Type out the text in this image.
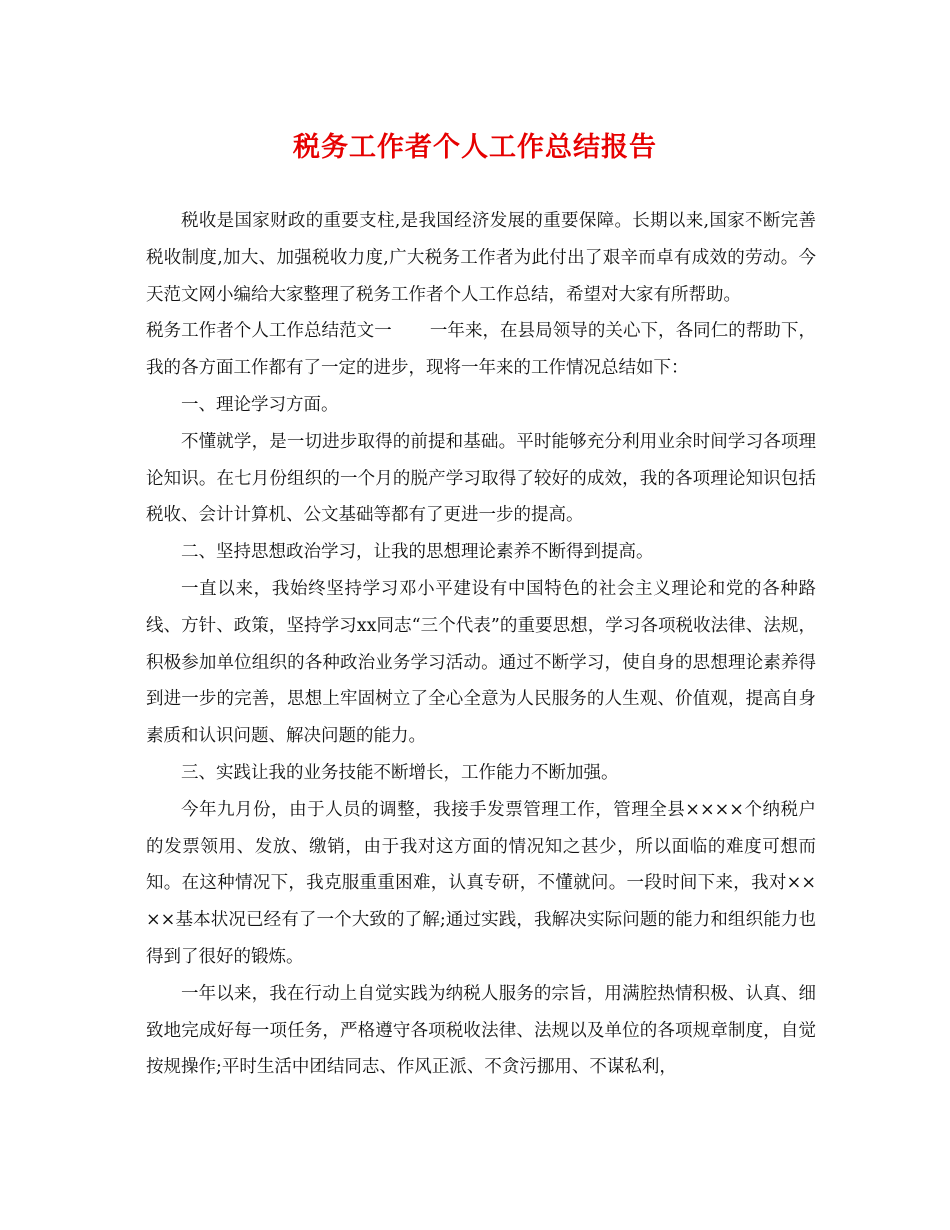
税务工作者个人工作总结报告

税收是国家财政的重要支柱,是我国经济发展的重要保障。长期以来,国家不断完善税收制度,加大、加强税收力度,广大税务工作者为此付出了艰辛而卓有成效的劳动。今天范文网小编给大家整理了税务工作者个人工作总结，希望对大家有所帮助。

税务工作者个人工作总结范文一 一年来，在县局领导的关心下，各同仁的帮助下，我的各方面工作都有了一定的进步，现将一年来的工作情况总结如下：

一、理论学习方面。

不懂就学，是一切进步取得的前提和基础。平时能够充分利用业余时间学习各项理论知识。在七月份组织的一个月的脱产学习取得了较好的成效，我的各项理论知识包括税收、会计计算机、公文基础等都有了更进一步的提高。

二、坚持思想政治学习，让我的思想理论素养不断得到提高。

一直以来，我始终坚持学习邓小平建设有中国特色的社会主义理论和党的各种路线、方针、政策，坚持学习xx同志“三个代表”的重要思想，学习各项税收法律、法规，积极参加单位组织的各种政治业务学习活动。通过不断学习，使自身的思想理论素养得到进一步的完善，思想上牢固树立了全心全意为人民服务的人生观、价值观，提高自身素质和认识问题、解决问题的能力。

三、实践让我的业务技能不断增长，工作能力不断加强。

今年九月份，由于人员的调整，我接手发票管理工作，管理全县××××个纳税户的发票领用、发放、缴销，由于我对这方面的情况知之甚少，所以面临的难度可想而知。在这种情况下，我克服重重困难，认真专研，不懂就问。一段时间下来，我对××××基本状况已经有了一个大致的了解;通过实践，我解决实际问题的能力和组织能力也得到了很好的锻炼。

一年以来，我在行动上自觉实践为纳税人服务的宗旨，用满腔热情积极、认真、细致地完成好每一项任务，严格遵守各项税收法律、法规以及单位的各项规章制度，自觉按规操作;平时生活中团结同志、作风正派、不贪污挪用、不谋私利，
